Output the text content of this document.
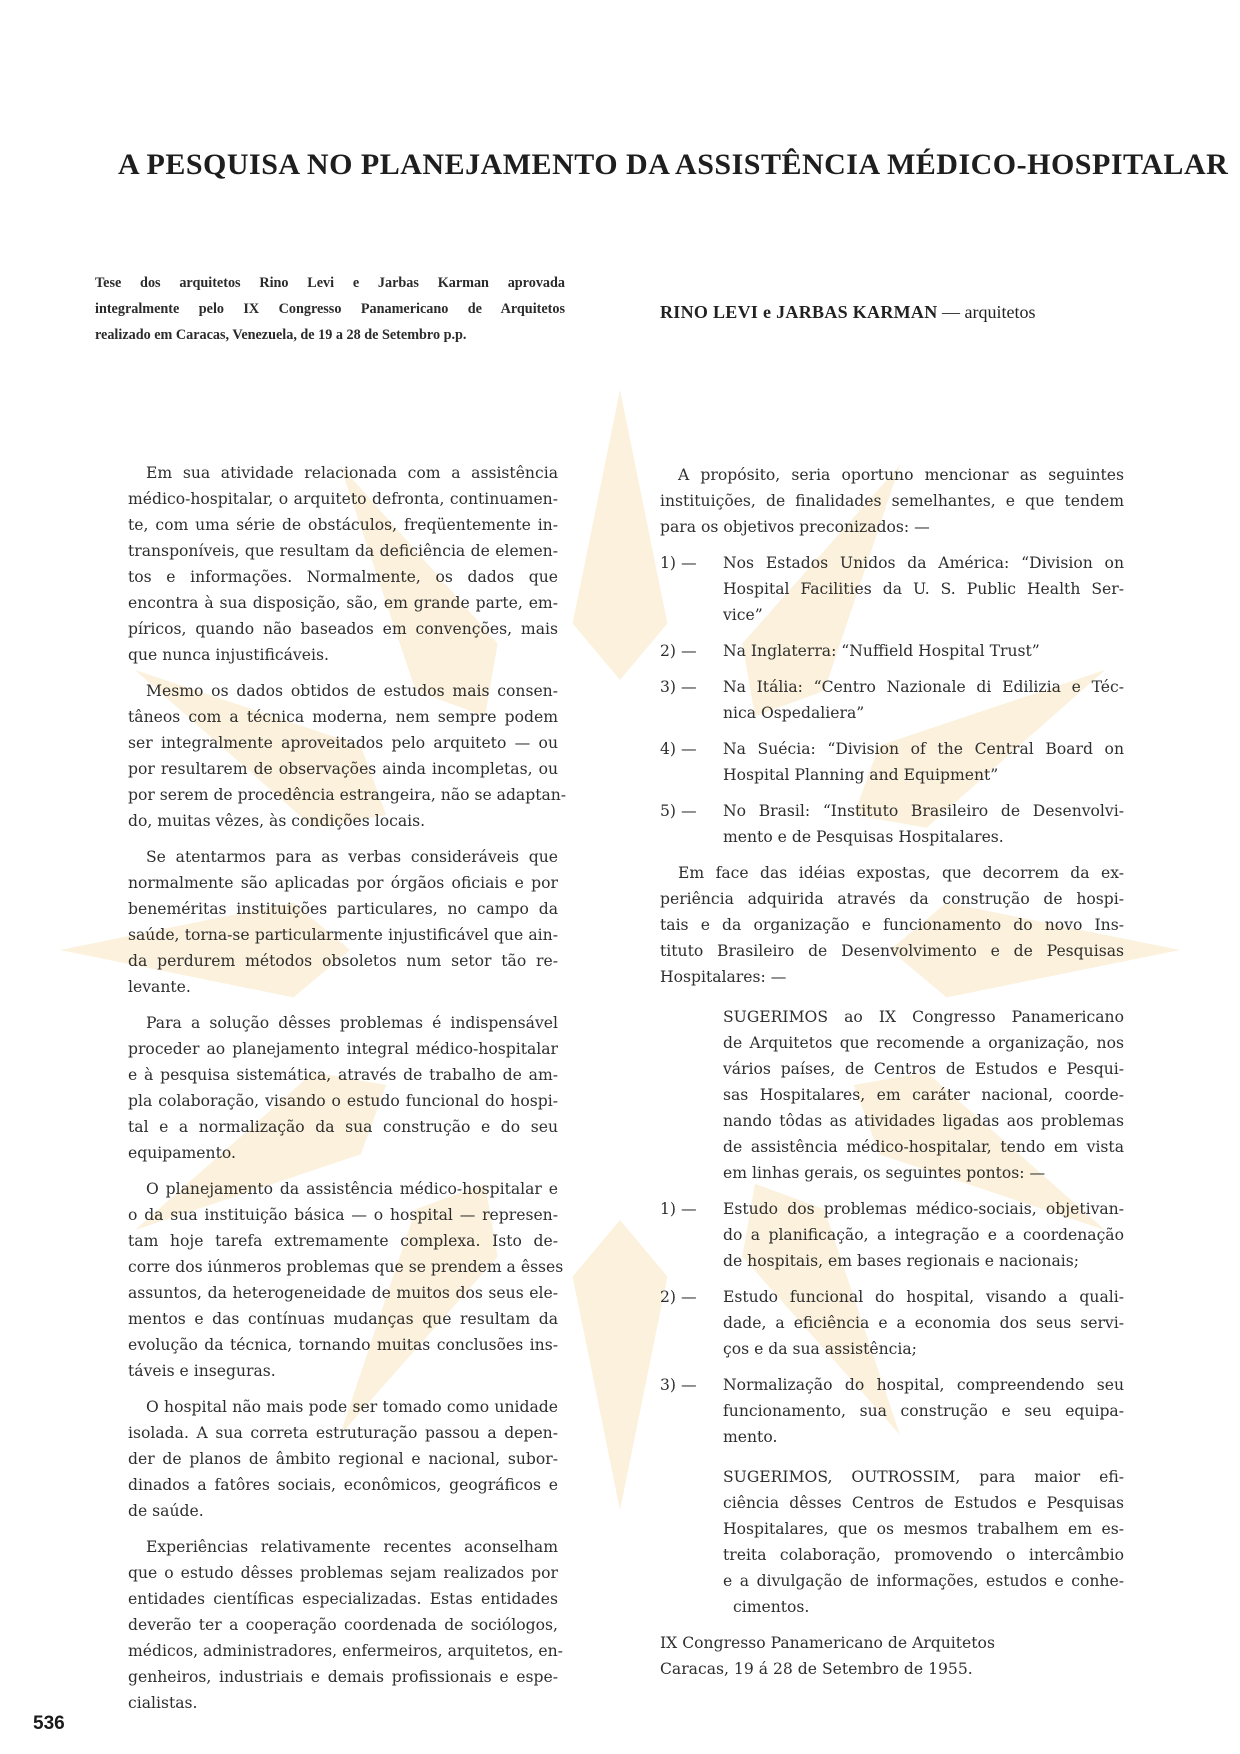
A PESQUISA NO PLANEJAMENTO DA ASSISTÊNCIA MÉDICO-HOSPITALAR
Tese dos arquitetos Rino Levi e Jarbas Karman aprovada
integralmente pelo IX Congresso Panamericano de Arquitetos
realizado em Caracas, Venezuela, de 19 a 28 de Setembro p.p.
RINO LEVI e JARBAS KARMAN — arquitetos
Em sua atividade relacionada com a assistência
médico-hospitalar, o arquiteto defronta, continuamen-
te, com uma série de obstáculos, freqüentemente in-
transponíveis, que resultam da deficiência de elemen-
tos e informações. Normalmente, os dados que
encontra à sua disposição, são, em grande parte, em-
píricos, quando não baseados em convenções, mais
que nunca injustificáveis.
Mesmo os dados obtidos de estudos mais consen-
tâneos com a técnica moderna, nem sempre podem
ser integralmente aproveitados pelo arquiteto — ou
por resultarem de observações ainda incompletas, ou
por serem de procedência estrangeira, não se adaptan-
do, muitas vêzes, às condições locais.
Se atentarmos para as verbas consideráveis que
normalmente são aplicadas por órgãos oficiais e por
beneméritas instituições particulares, no campo da
saúde, torna-se particularmente injustificável que ain-
da perdurem métodos obsoletos num setor tão re-
levante.
Para a solução dêsses problemas é indispensável
proceder ao planejamento integral médico-hospitalar
e à pesquisa sistemática, através de trabalho de am-
pla colaboração, visando o estudo funcional do hospi-
tal e a normalização da sua construção e do seu
equipamento.
O planejamento da assistência médico-hospitalar e
o da sua instituição básica — o hospital — represen-
tam hoje tarefa extremamente complexa. Isto de-
corre dos iúnmeros problemas que se prendem a êsses
assuntos, da heterogeneidade de muitos dos seus ele-
mentos e das contínuas mudanças que resultam da
evolução da técnica, tornando muitas conclusões ins-
táveis e inseguras.
O hospital não mais pode ser tomado como unidade
isolada. A sua correta estruturação passou a depen-
der de planos de âmbito regional e nacional, subor-
dinados a fatôres sociais, econômicos, geográficos e
de saúde.
Experiências relativamente recentes aconselham
que o estudo dêsses problemas sejam realizados por
entidades científicas especializadas. Estas entidades
deverão ter a cooperação coordenada de sociólogos,
médicos, administradores, enfermeiros, arquitetos, en-
genheiros, industriais e demais profissionais e espe-
cialistas.
A propósito, seria oportuno mencionar as seguintes
instituições, de finalidades semelhantes, e que tendem
para os objetivos preconizados: —
1) — Nos Estados Unidos da América: “Division on
Hospital Facilities da U. S. Public Health Ser-
vice”
2) — Na Inglaterra: “Nuffield Hospital Trust”
3) — Na Itália: “Centro Nazionale di Edilizia e Téc-
nica Ospedaliera”
4) — Na Suécia: “Division of the Central Board on
Hospital Planning and Equipment”
5) — No Brasil: “Instituto Brasileiro de Desenvolvi-
mento e de Pesquisas Hospitalares.
Em face das idéias expostas, que decorrem da ex-
periência adquirida através da construção de hospi-
tais e da organização e funcionamento do novo Ins-
tituto Brasileiro de Desenvolvimento e de Pesquisas
Hospitalares: —
SUGERIMOS ao IX Congresso Panamericano
de Arquitetos que recomende a organização, nos
vários países, de Centros de Estudos e Pesqui-
sas Hospitalares, em caráter nacional, coorde-
nando tôdas as atividades ligadas aos problemas
de assistência médico-hospitalar, tendo em vista
em linhas gerais, os seguintes pontos: —
1) — Estudo dos problemas médico-sociais, objetivan-
do a planificação, a integração e a coordenação
de hospitais, em bases regionais e nacionais;
2) — Estudo funcional do hospital, visando a quali-
dade, a eficiência e a economia dos seus servi-
ços e da sua assistência;
3) — Normalização do hospital, compreendendo seu
funcionamento, sua construção e seu equipa-
mento.
SUGERIMOS, OUTROSSIM, para maior efi-
ciência dêsses Centros de Estudos e Pesquisas
Hospitalares, que os mesmos trabalhem em es-
treita colaboração, promovendo o intercâmbio
e a divulgação de informações, estudos e conhe-
cimentos.
IX Congresso Panamericano de Arquitetos
Caracas, 19 á 28 de Setembro de 1955.
536
